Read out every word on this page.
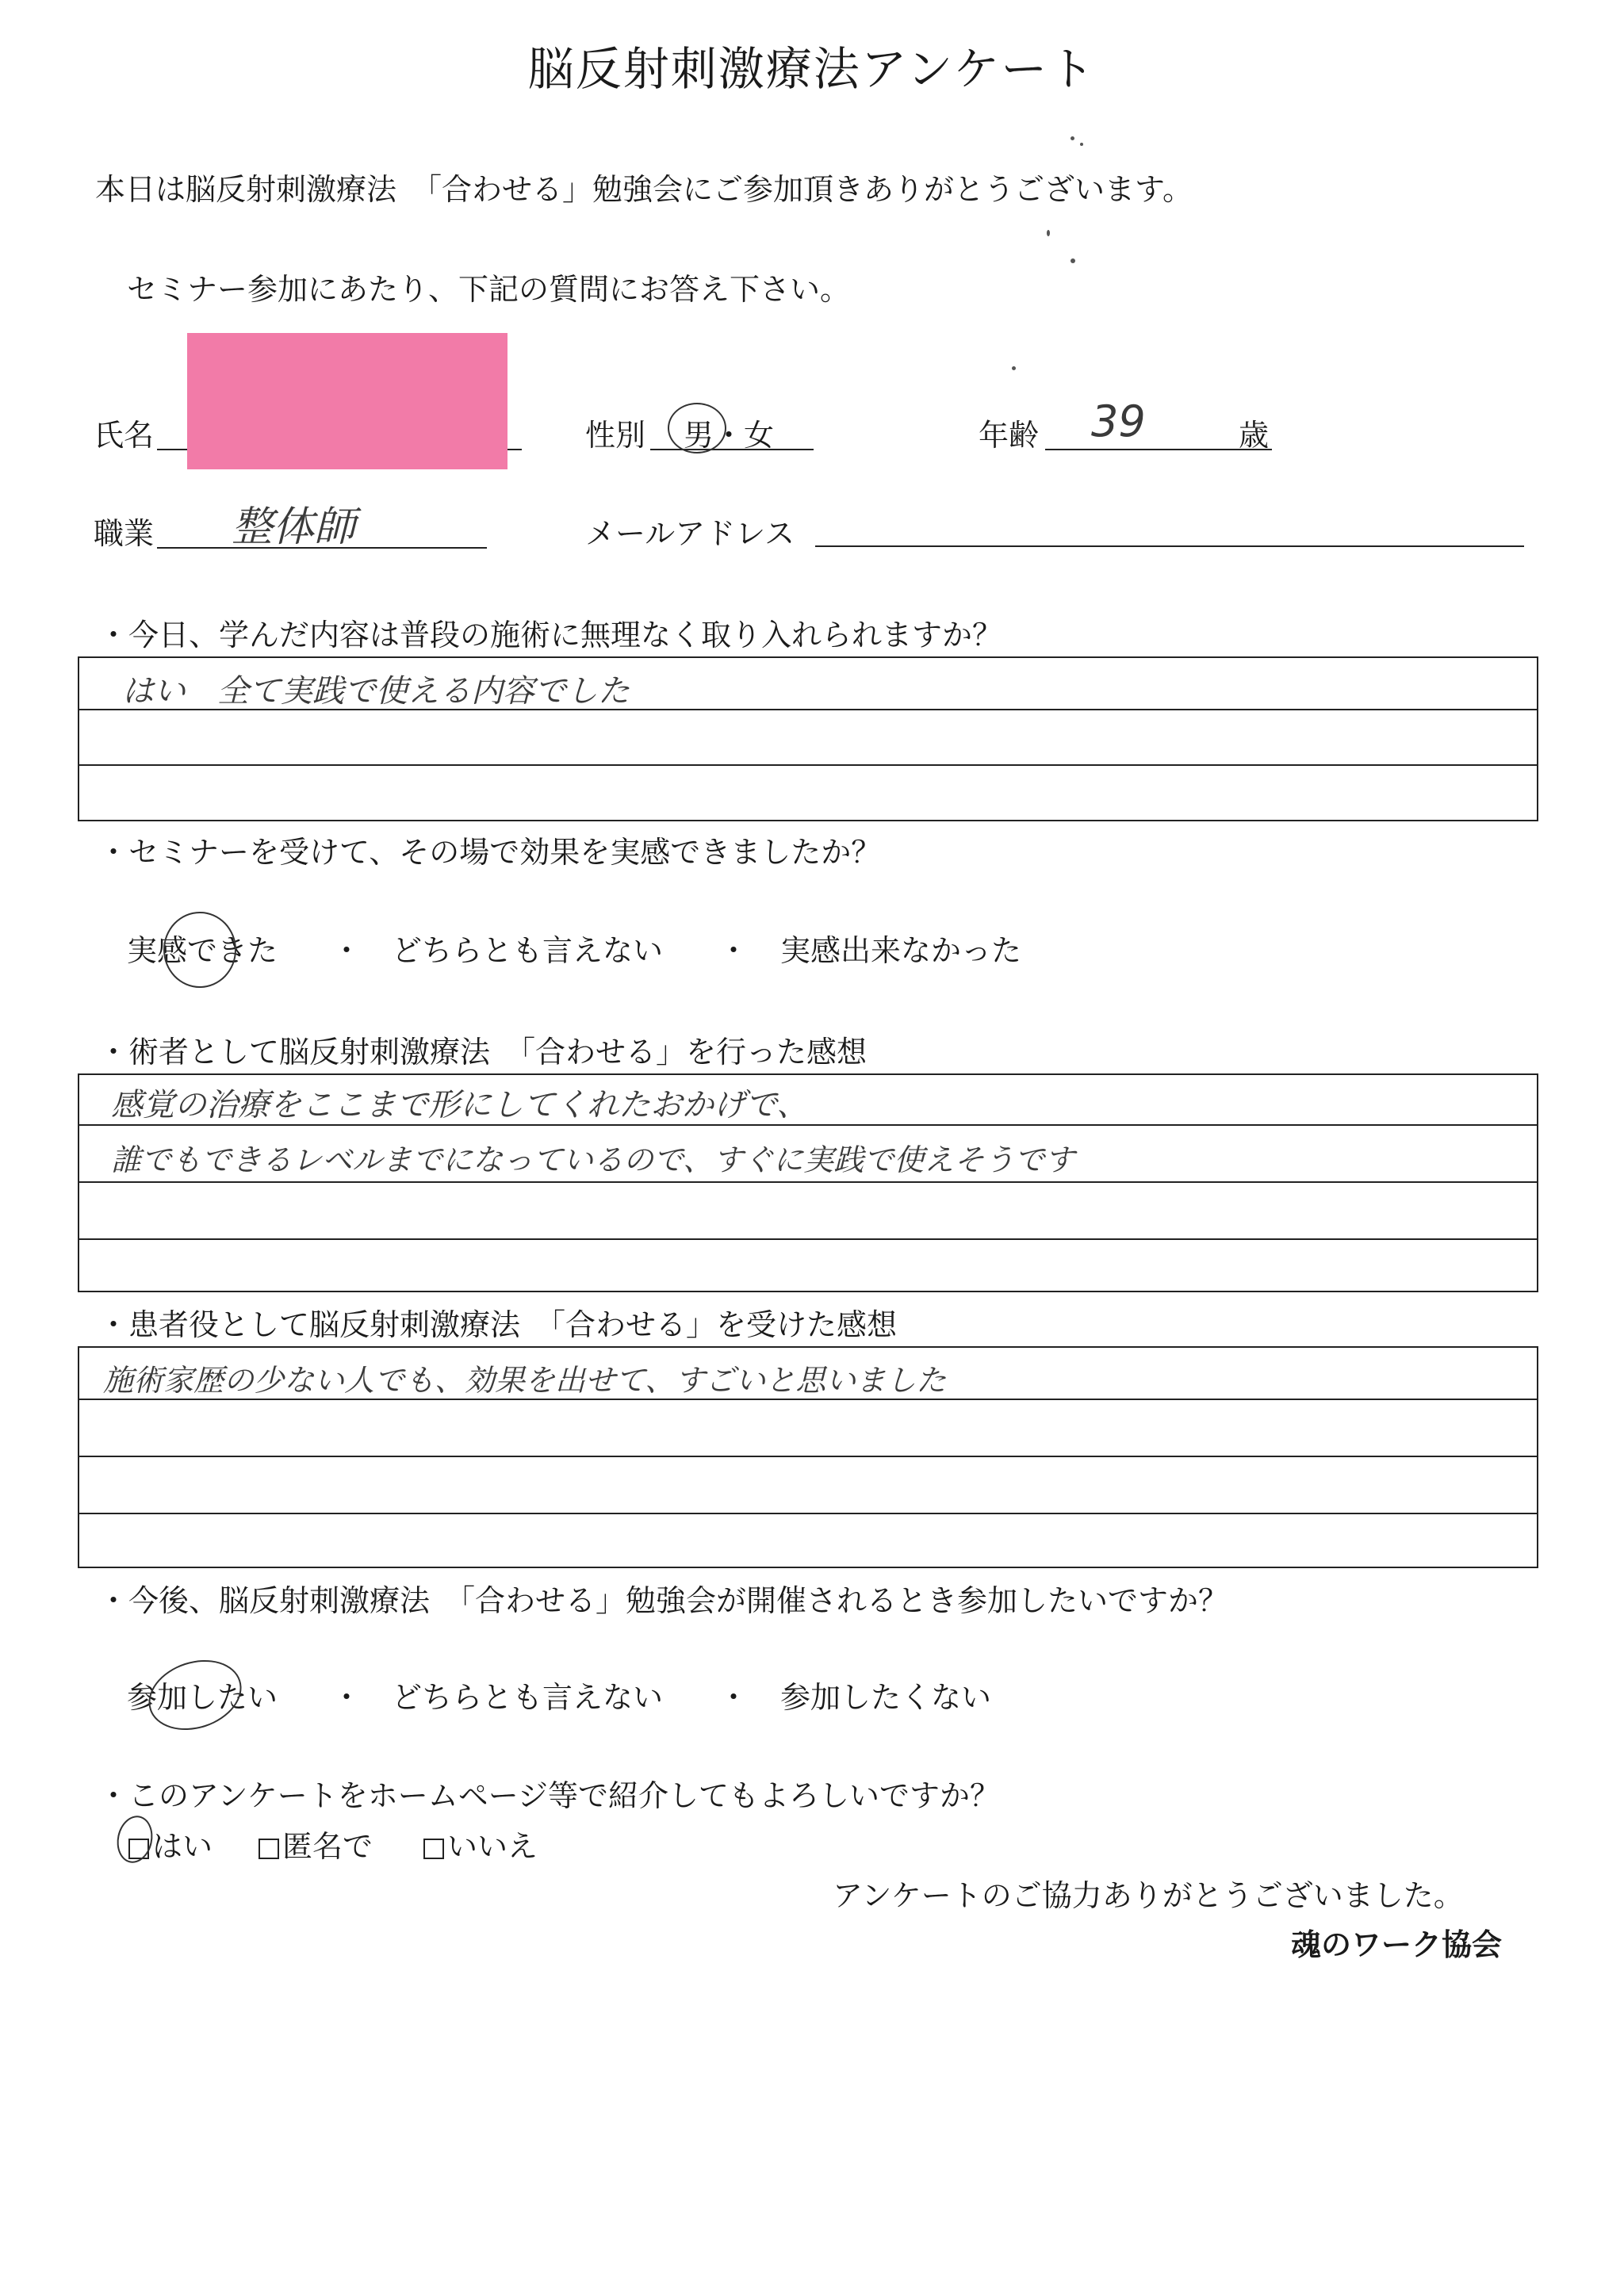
脳反射刺激療法アンケート
本日は脳反射刺激療法　「合わせる」勉強会にご参加頂きありがとうございます。
セミナー参加にあたり、下記の質問にお答え下さい。
氏名	性別 男・女	年齢 39	歳
職業 整体師	メールアドレス
・今日、学んだ内容は普段の施術に無理なく取り入れられますか？
はい　全て実践で使える内容でした
・セミナーを受けて、その場で効果を実感できましたか？
実感できた ・ どちらとも言えない ・ 実感出来なかった
・術者として脳反射刺激療法　「合わせる」を行った感想
感覚の治療をここまで形にしてくれたおかげで、
誰でもできるレベルまでになっているので、すぐに実践で使えそうです
・患者役として脳反射刺激療法　「合わせる」を受けた感想
施術家歴の少ない人でも、効果を出せて、すごいと思いました
・今後、脳反射刺激療法　「合わせる」勉強会が開催されるとき参加したいですか？
参加したい ・ どちらとも言えない ・ 参加したくない
・このアンケートをホームページ等で紹介してもよろしいですか？
はい	匿名で	いいえ
アンケートのご協力ありがとうございました。
魂のワーク協会
